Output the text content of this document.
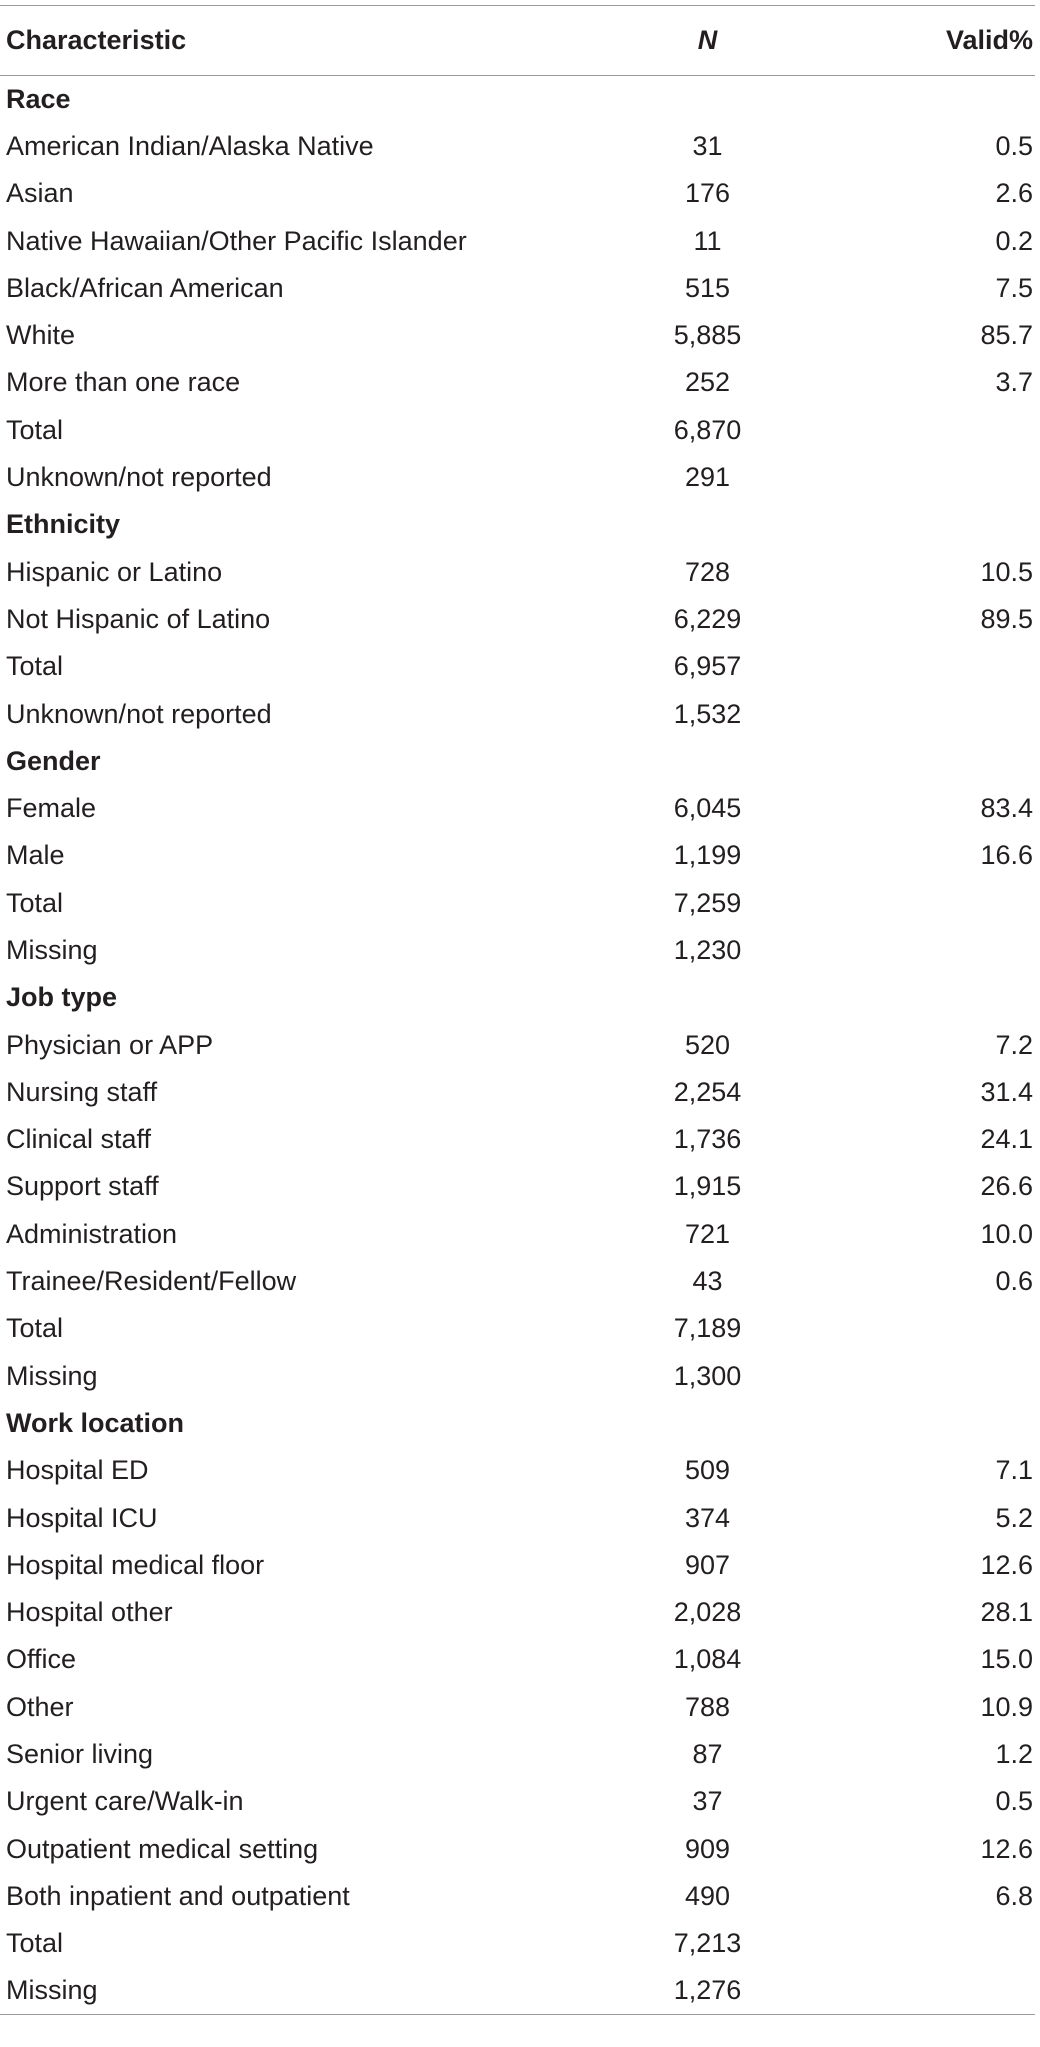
Characteristic	N	Valid%
Race		
American Indian/Alaska Native	31	0.5
Asian	176	2.6
Native Hawaiian/Other Pacific Islander	11	0.2
Black/African American	515	7.5
White	5,885	85.7
More than one race	252	3.7
Total	6,870	
Unknown/not reported	291	
Ethnicity		
Hispanic or Latino	728	10.5
Not Hispanic of Latino	6,229	89.5
Total	6,957	
Unknown/not reported	1,532	
Gender		
Female	6,045	83.4
Male	1,199	16.6
Total	7,259	
Missing	1,230	
Job type		
Physician or APP	520	7.2
Nursing staff	2,254	31.4
Clinical staff	1,736	24.1
Support staff	1,915	26.6
Administration	721	10.0
Trainee/Resident/Fellow	43	0.6
Total	7,189	
Missing	1,300	
Work location		
Hospital ED	509	7.1
Hospital ICU	374	5.2
Hospital medical floor	907	12.6
Hospital other	2,028	28.1
Office	1,084	15.0
Other	788	10.9
Senior living	87	1.2
Urgent care/Walk-in	37	0.5
Outpatient medical setting	909	12.6
Both inpatient and outpatient	490	6.8
Total	7,213	
Missing	1,276	
